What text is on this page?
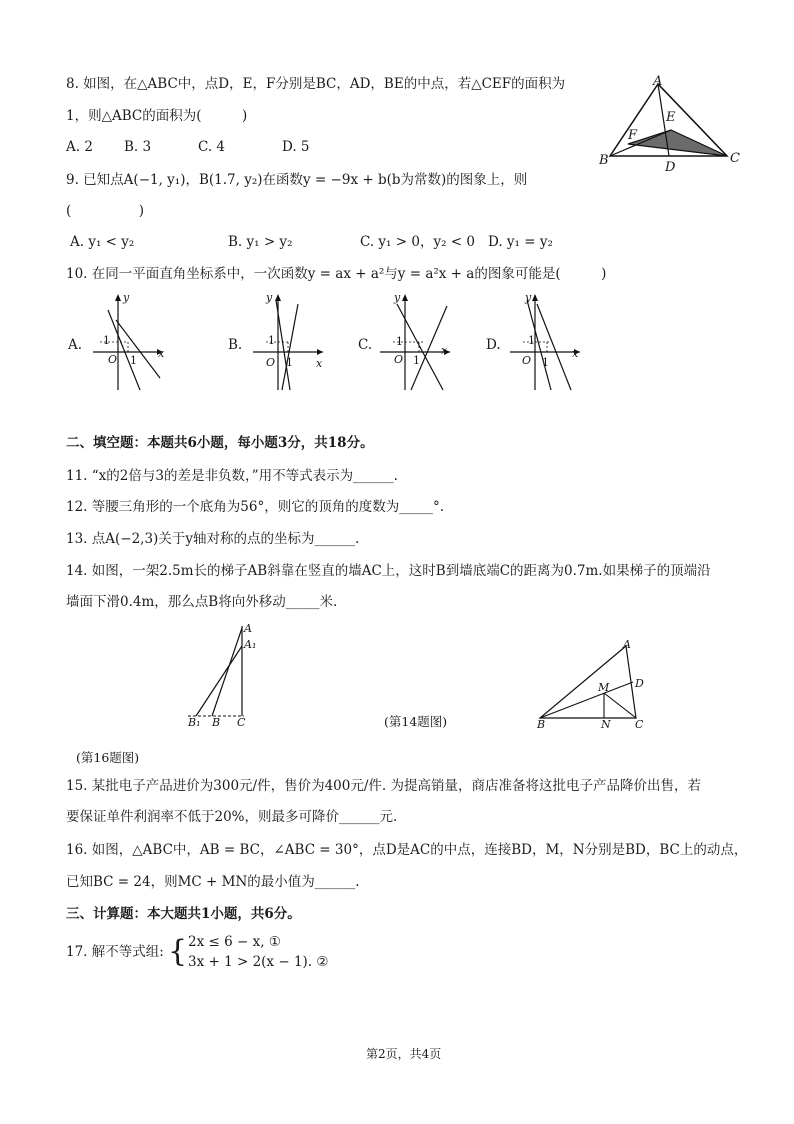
8. 如图，在△ABC中，点D，E，F分别是BC，AD，BE的中点，若△CEF的面积为
1，则△ABC的面积为(　　　)
A. 2 B. 3	C. 4	D. 5
A
E
F
B	D
C
9. 已知点A(−1, y₁)，B(1.7, y₂)在函数y = −9x + b(b为常数)的图象上，则
(　　　　　)
A. y₁ < y₂	B. y₁ > y₂	C. y₁ > 0，y₂ < 0 D. y₁ = y₂
10. 在同一平面直角坐标系中，一次函数y = ax + a²与y = a²x + a的图象可能是(　　　)
A.	B.	C.	D.
y
x
O
1
1
y
x
O
1
1
y
x
O
1
1
y
x
O
1
1
二、填空题：本题共6小题，每小题3分，共18分。
11. “x的2倍与3的差是非负数，”用不等式表示为______.
12. 等腰三角形的一个底角为56°，则它的顶角的度数为_____°.
13. 点A(−2,3)关于y轴对称的点的坐标为______.
14. 如图，一架2.5m长的梯子AB斜靠在竖直的墙AC上，这时B到墙底端C的距离为0.7m.如果梯子的顶端沿
墙面下滑0.4m，那么点B将向外移动_____米.
A
A₁
B₁ B C	(第14题图)
A
D
M
B	N C
(第16题图)
15. 某批电子产品进价为300元/件，售价为400元/件. 为提高销量，商店准备将这批电子产品降价出售，若
要保证单件利润率不低于20%，则最多可降价______元.
16. 如图，△ABC中，AB = BC，∠ABC = 30°，点D是AC的中点，连接BD，M，N分别是BD，BC上的动点，
已知BC = 24，则MC + MN的最小值为______.
三、计算题：本大题共1小题，共6分。
17. 解不等式组: { 2x ≤ 6 − x, ①
3x + 1 > 2(x − 1). ②
第2页，共4页
